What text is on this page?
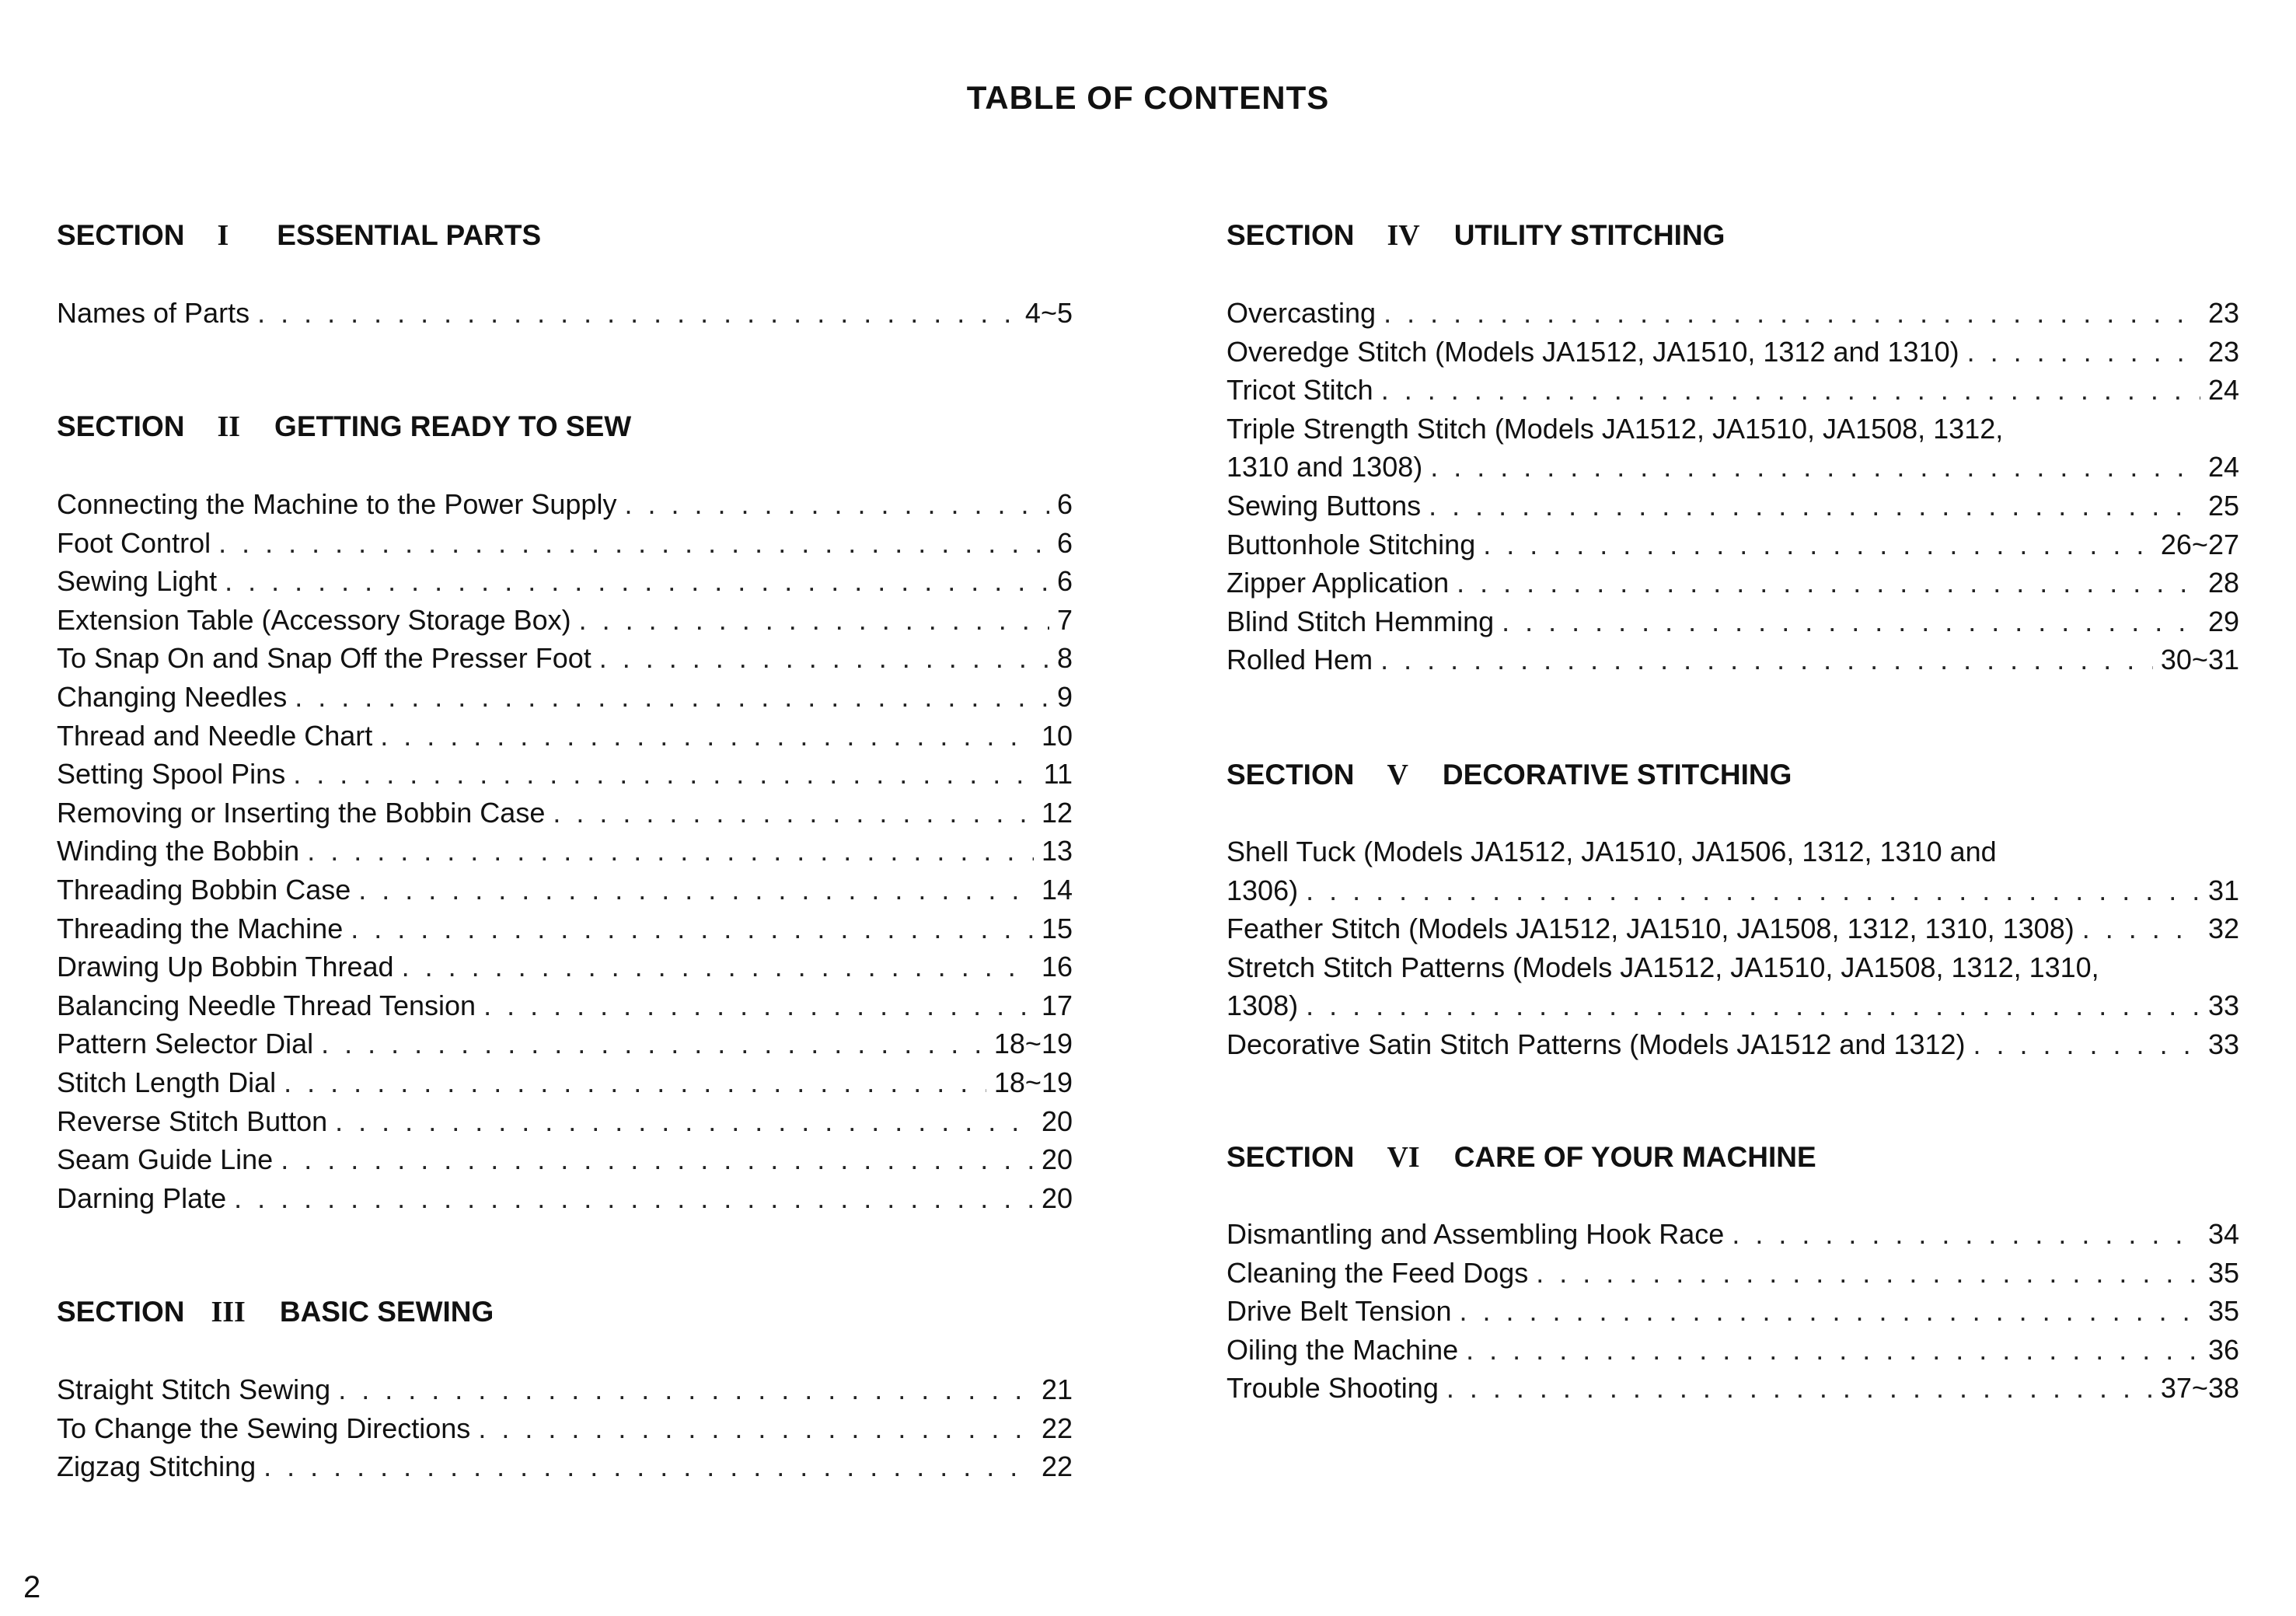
TABLE OF CONTENTS
SECTION I ESSENTIAL PARTS
Names of Parts . . .	4~5
SECTION II GETTING READY TO SEW
Connecting the Machine to the Power Supply . . .	6
Foot Control . . .	6
Sewing Light . . .	6
Extension Table (Accessory Storage Box) . . .	7
To Snap On and Snap Off the Presser Foot . . .	8
Changing Needles . . .	9
Thread and Needle Chart . . .	10
Setting Spool Pins . . .	11
Removing or Inserting the Bobbin Case . . .	12
Winding the Bobbin . . .	13
Threading Bobbin Case . . .	14
Threading the Machine . . .	15
Drawing Up Bobbin Thread . . .	16
Balancing Needle Thread Tension . . .	17
Pattern Selector Dial . . .	18~19
Stitch Length Dial . . .	18~19
Reverse Stitch Button . . .	20
Seam Guide Line . . .	20
Darning Plate . . .	20
SECTION III BASIC SEWING
Straight Stitch Sewing . . .	21
To Change the Sewing Directions . . .	22
Zigzag Stitching . . .	22
SECTION IV UTILITY STITCHING
Overcasting . . .	23
Overedge Stitch (Models JA1512, JA1510, 1312 and 1310) . . .	23
Tricot Stitch . . .	24
Triple Strength Stitch (Models JA1512, JA1510, JA1508, 1312,
1310 and 1308) . . .	24
Sewing Buttons . . .	25
Buttonhole Stitching . . .	26~27
Zipper Application . . .	28
Blind Stitch Hemming . . .	29
Rolled Hem . . .	30~31
SECTION V DECORATIVE STITCHING
Shell Tuck (Models JA1512, JA1510, JA1506, 1312, 1310 and
1306) . . .	31
Feather Stitch (Models JA1512, JA1510, JA1508, 1312, 1310, 1308) . . .	32
Stretch Stitch Patterns (Models JA1512, JA1510, JA1508, 1312, 1310,
1308) . . .	33
Decorative Satin Stitch Patterns (Models JA1512 and 1312) . . .	33
SECTION VI CARE OF YOUR MACHINE
Dismantling and Assembling Hook Race . . .	34
Cleaning the Feed Dogs . . .	35
Drive Belt Tension . . .	35
Oiling the Machine . . .	36
Trouble Shooting . . .	37~38
2
